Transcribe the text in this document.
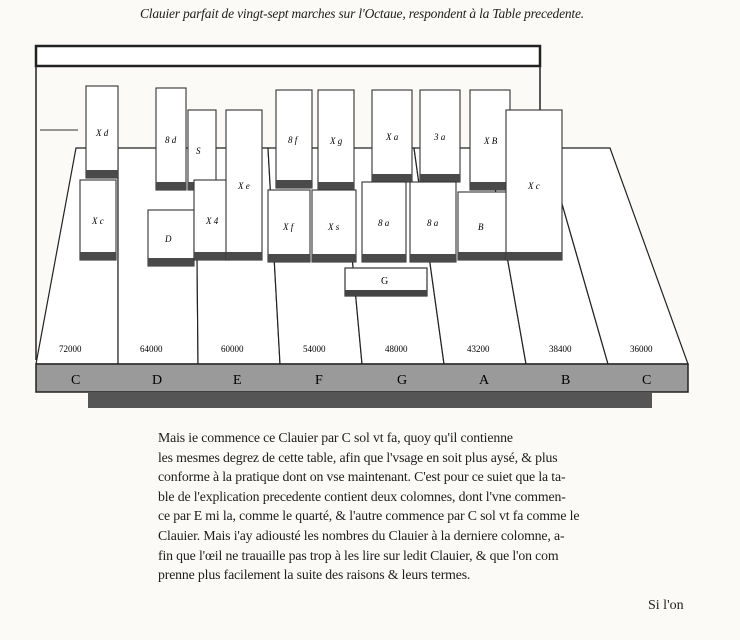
Clauier parfait de vingt-sept marches sur l'Octaue, respondent à la Table precedente.
72000	64000	60000	54000	48000	43200	38400	36000
X d
X c
8 d
S
D
X 4
X e
8 f
X f
X g
X s
X a
8 a
3 a
8 a
X B
B
X c
G
C	D	E	F	G	A	B	C
Mais ie commence ce Clauier par C sol vt fa, quoy qu'il contienne
les mesmes degrez de cette table, afin que l'vsage en soit plus aysé, & plus
conforme à la pratique dont on vse maintenant. C'est pour ce suiet que la ta-
ble de l'explication precedente contient deux colomnes, dont l'vne commen-
ce par E mi la, comme le quarté, & l'autre commence par C sol vt fa comme le
Clauier. Mais i'ay adiousté les nombres du Clauier à la derniere colomne, a-
fin que l'œil ne trauaille pas trop à les lire sur ledit Clauier, & que l'on com
prenne plus facilement la suite des raisons & leurs termes.
Si l'on
